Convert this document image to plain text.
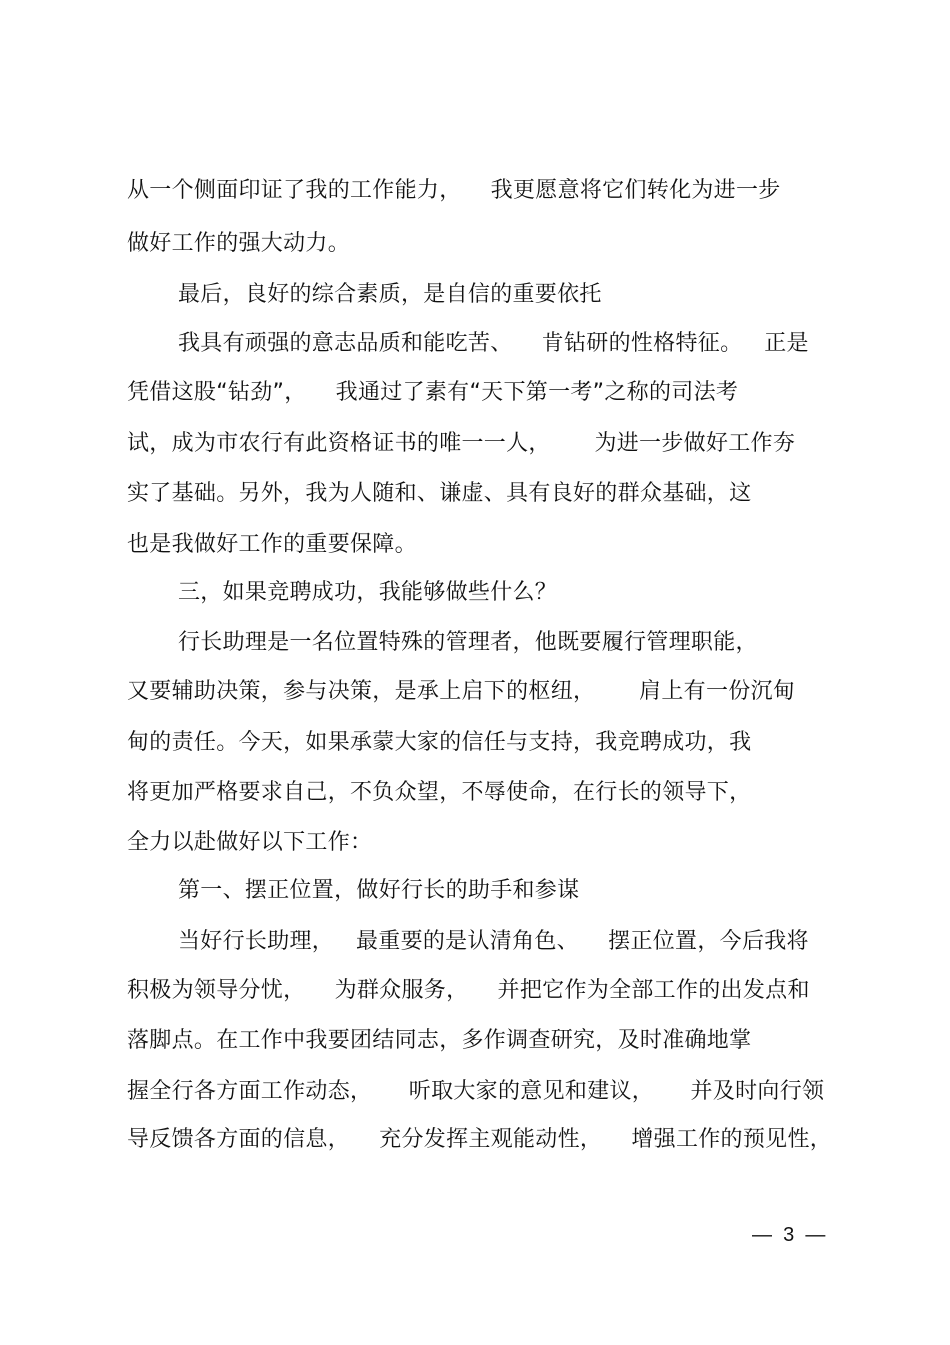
从一个侧面印证了我的工作能力，    我更愿意将它们转化为进一步
做好工作的强大动力。
最后，良好的综合素质，是自信的重要依托
我具有顽强的意志品质和能吃苦、    肯钻研的性格特征。   正是
凭借这股“钻劲”，    我通过了素有“天下第一考”之称的司法考
试，成为市农行有此资格证书的唯一一人，      为进一步做好工作夯
实了基础。另外，我为人随和、谦虚、具有良好的群众基础，这
也是我做好工作的重要保障。
三，如果竞聘成功，我能够做些什么？
行长助理是一名位置特殊的管理者，他既要履行管理职能，
又要辅助决策，参与决策，是承上启下的枢纽，      肩上有一份沉甸
甸的责任。今天，如果承蒙大家的信任与支持，我竞聘成功，我
将更加严格要求自己，不负众望，不辱使命，在行长的领导下，
全力以赴做好以下工作：
第一、摆正位置，做好行长的助手和参谋
当好行长助理，   最重要的是认清角色、    摆正位置，今后我将
积极为领导分忧，    为群众服务，    并把它作为全部工作的出发点和
落脚点。在工作中我要团结同志，多作调查研究，及时准确地掌
握全行各方面工作动态，     听取大家的意见和建议，     并及时向行领
导反馈各方面的信息，    充分发挥主观能动性，    增强工作的预见性，
—  3  —
